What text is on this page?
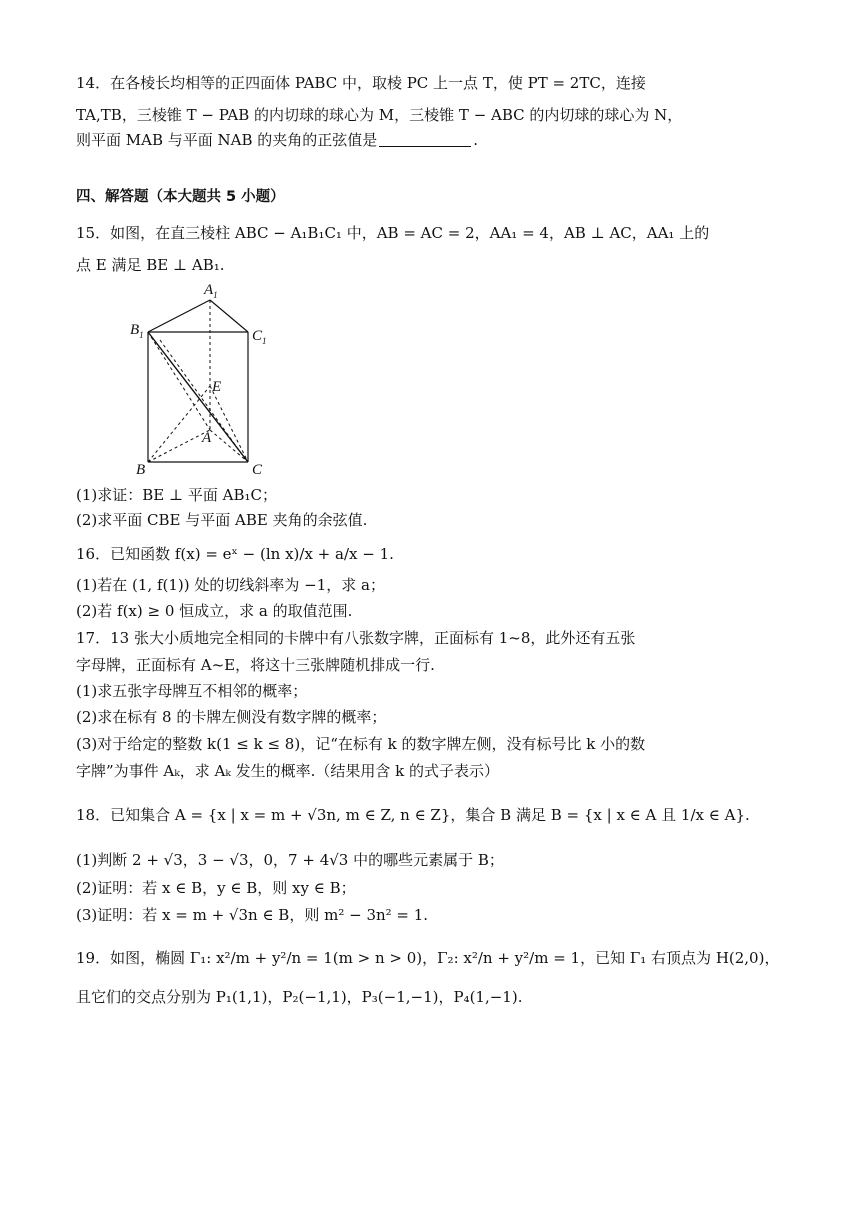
14．在各棱长均相等的正四面体 PABC 中，取棱 PC 上一点 T，使 PT = 2TC，连接
TA,TB，三棱锥 T − PAB 的内切球的球心为 M，三棱锥 T − ABC 的内切球的球心为 N，
则平面 MAB 与平面 NAB 的夹角的正弦值是	.
四、解答题（本大题共 5 小题）
15．如图，在直三棱柱 ABC − A₁B₁C₁ 中，AB = AC = 2，AA₁ = 4，AB ⊥ AC，AA₁ 上的
点 E 满足 BE ⊥ AB₁.
$A_1$
$B_1$	$C_1$
E
A
B	C
(1)求证：BE ⊥ 平面 AB₁C；
(2)求平面 CBE 与平面 ABE 夹角的余弦值.
16．已知函数 f(x) = eˣ − (ln x)/x + a/x − 1.
(1)若在 (1, f(1)) 处的切线斜率为 −1，求 a；
(2)若 f(x) ≥ 0 恒成立，求 a 的取值范围.
17．13 张大小质地完全相同的卡牌中有八张数字牌，正面标有 1~8，此外还有五张
字母牌，正面标有 A~E，将这十三张牌随机排成一行.
(1)求五张字母牌互不相邻的概率；
(2)求在标有 8 的卡牌左侧没有数字牌的概率；
(3)对于给定的整数 k(1 ≤ k ≤ 8)，记“在标有 k 的数字牌左侧，没有标号比 k 小的数
字牌”为事件 Aₖ，求 Aₖ 发生的概率.（结果用含 k 的式子表示）
18．已知集合 A = {x | x = m + √3n, m ∈ Z, n ∈ Z}，集合 B 满足 B = {x | x ∈ A 且 1/x ∈ A}.
(1)判断 2 + √3，3 − √3，0，7 + 4√3 中的哪些元素属于 B；
(2)证明：若 x ∈ B，y ∈ B，则 xy ∈ B；
(3)证明：若 x = m + √3n ∈ B，则 m² − 3n² = 1.
19．如图，椭圆 Γ₁: x²/m + y²/n = 1(m > n > 0)，Γ₂: x²/n + y²/m = 1，已知 Γ₁ 右顶点为 H(2,0)，
且它们的交点分别为 P₁(1,1)，P₂(−1,1)，P₃(−1,−1)，P₄(1,−1).
